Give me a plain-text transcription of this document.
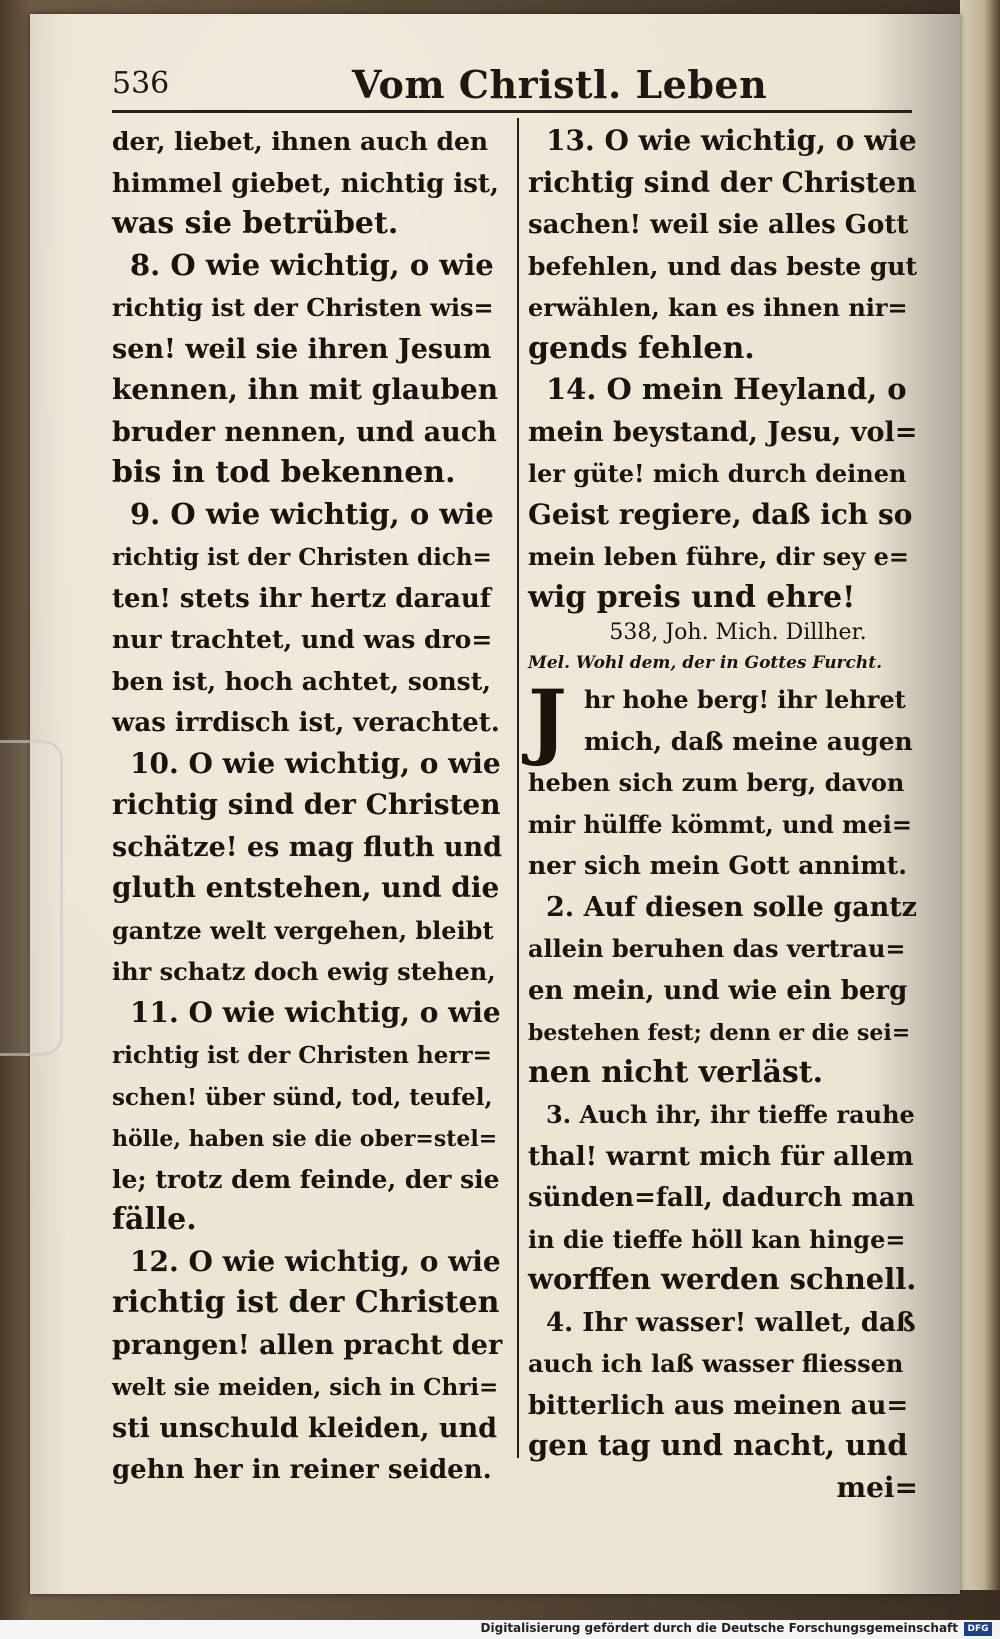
536	Vom Christl. Leben
der, liebet, ihnen auch den
himmel giebet, nichtig ist,
was sie betrübet.
8. O wie wichtig, o wie
richtig ist der Christen wis=
sen! weil sie ihren Jesum
kennen, ihn mit glauben
bruder nennen, und auch
bis in tod bekennen.
9. O wie wichtig, o wie
richtig ist der Christen dich=
ten! stets ihr hertz darauf
nur trachtet, und was dro=
ben ist, hoch achtet, sonst,
was irrdisch ist, verachtet.
10. O wie wichtig, o wie
richtig sind der Christen
schätze! es mag fluth und
gluth entstehen, und die
gantze welt vergehen, bleibt
ihr schatz doch ewig stehen,
11. O wie wichtig, o wie
richtig ist der Christen herr=
schen! über sünd, tod, teufel,
hölle, haben sie die ober=stel=
le; trotz dem feinde, der sie
fälle.
12. O wie wichtig, o wie
richtig ist der Christen
prangen! allen pracht der
welt sie meiden, sich in Chri=
sti unschuld kleiden, und
gehn her in reiner seiden.
13. O wie wichtig, o wie
richtig sind der Christen
sachen! weil sie alles Gott
befehlen, und das beste gut
erwählen, kan es ihnen nir=
gends fehlen.
14. O mein Heyland, o
mein beystand, Jesu, vol=
ler güte! mich durch deinen
Geist regiere, daß ich so
mein leben führe, dir sey e=
wig preis und ehre!
538, Joh. Mich. Dillher.
Mel. Wohl dem, der in Gottes Furcht.
J hr hohe berg! ihr lehret
mich, daß meine augen
heben sich zum berg, davon
mir hülffe kömmt, und mei=
ner sich mein Gott annimt.
2. Auf diesen solle gantz
allein beruhen das vertrau=
en mein, und wie ein berg
bestehen fest; denn er die sei=
nen nicht verläst.
3. Auch ihr, ihr tieffe rauhe
thal! warnt mich für allem
sünden=fall, dadurch man
in die tieffe höll kan hinge=
worffen werden schnell.
4. Ihr wasser! wallet, daß
auch ich laß wasser fliessen
bitterlich aus meinen au=
gen tag und nacht, und
mei=
Digitalisierung gefördert durch die Deutsche Forschungsgemeinschaft	DFG
